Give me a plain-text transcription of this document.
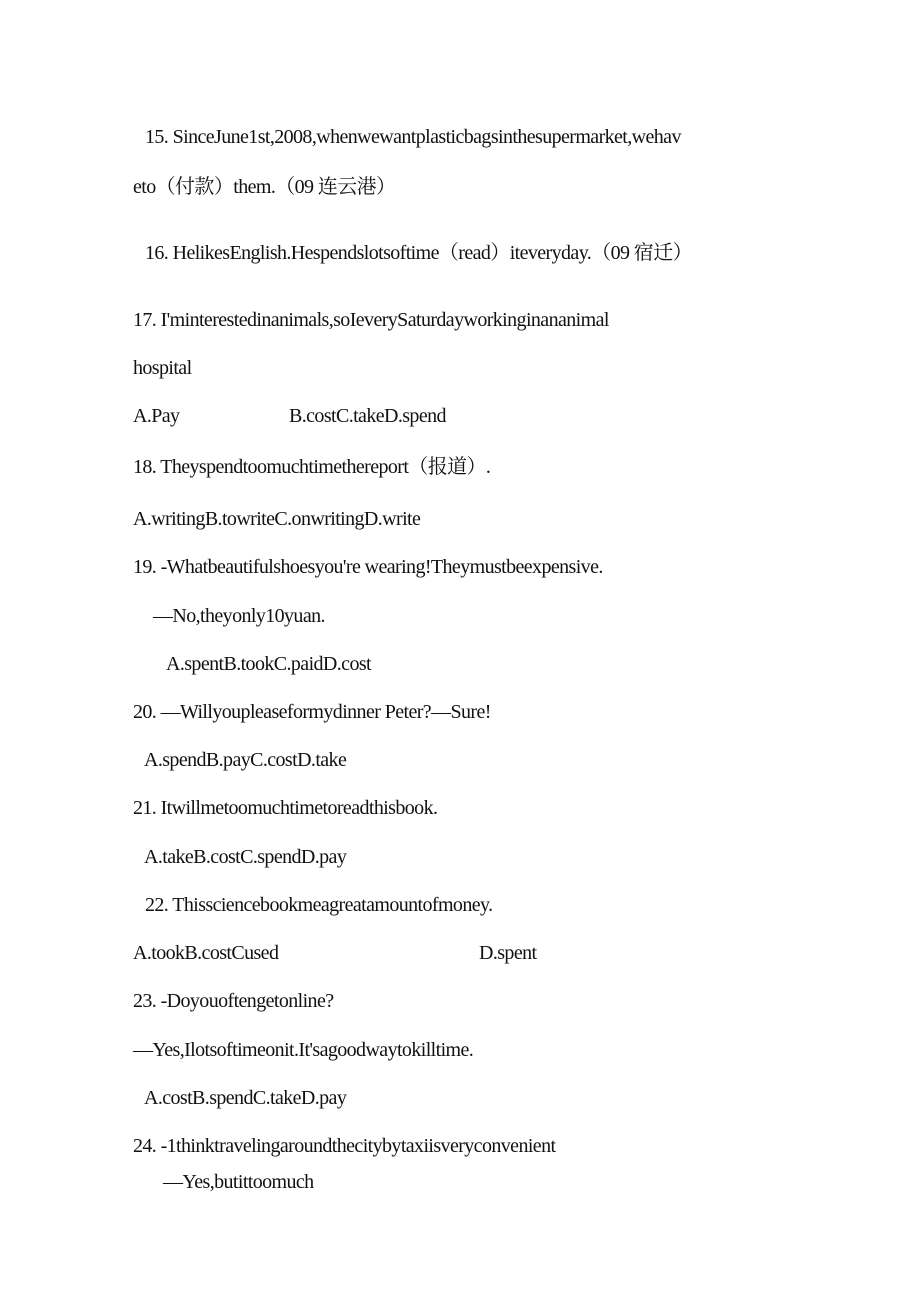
15. SinceJune1st,2008,whenwewantplasticbagsinthesupermarket,wehav
eto（付款）them.（09 连云港）
16. HelikesEnglish.Hespendslotsoftime（read）iteveryday.（09 宿迁）
17. I'minterestedinanimals,soIeverySaturdayworkinginananimal
hospital
A.Pay	B.costC.takeD.spend
18. Theyspendtoomuchtimethereport（报道）.
A.writingB.towriteC.onwritingD.write
19. -Whatbeautifulshoesyou're wearing!Theymustbeexpensive.
—No,theyonly10yuan.
A.spentB.tookC.paidD.cost
20. —Willyoupleaseformydinner Peter?—Sure!
A.spendB.payC.costD.take
21. Itwillmetoomuchtimetoreadthisbook.
A.takeB.costC.spendD.pay
22. Thissciencebookmeagreatamountofmoney.
A.tookB.costCused	D.spent
23. -Doyouoftengetonline?
—Yes,Ilotsoftimeonit.It'sagoodwaytokilltime.
A.costB.spendC.takeD.pay
24. -1thinktravelingaroundthecitybytaxiisveryconvenient
—Yes,butittoomuch
